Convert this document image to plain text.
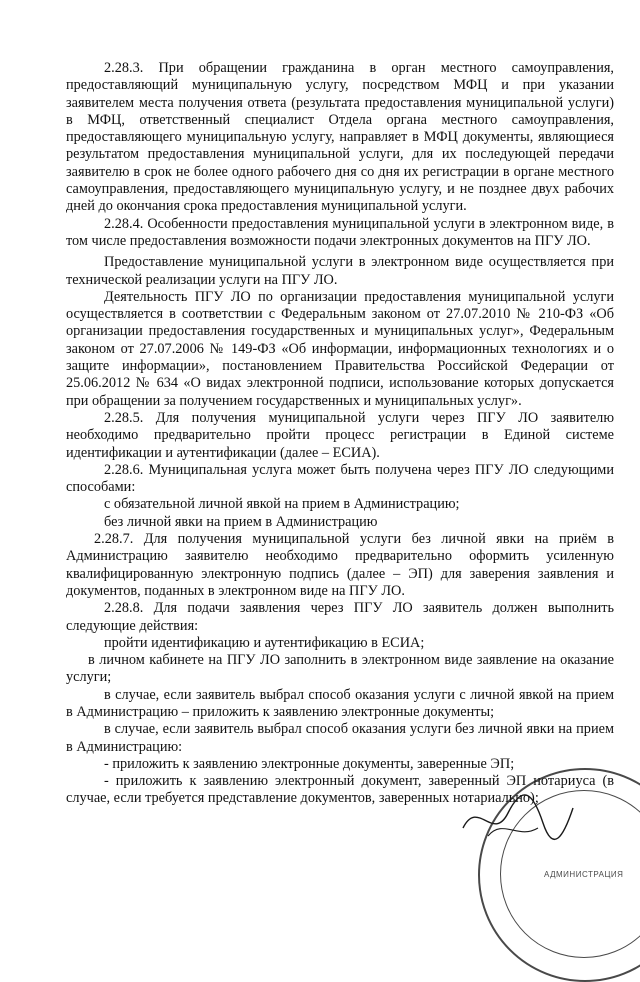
2.28.3. При обращении гражданина в орган местного самоуправления, предоставляющий муниципальную услугу, посредством МФЦ и при указании заявителем места получения ответа (результата предоставления муниципальной услуги) в МФЦ, ответственный специалист Отдела органа местного самоуправления, предоставляющего муниципальную услугу, направляет в МФЦ документы, являющиеся результатом предоставления муниципальной услуги, для их последующей передачи заявителю в срок не более одного рабочего дня со дня их регистрации в органе местного самоуправления, предоставляющего муниципальную услугу, и не позднее двух рабочих дней до окончания срока предоставления муниципальной услуги.

2.28.4. Особенности предоставления муниципальной услуги в электронном виде, в том числе предоставления возможности подачи электронных документов на ПГУ ЛО.

Предоставление муниципальной услуги в электронном виде осуществляется при технической реализации услуги на ПГУ ЛО.

Деятельность ПГУ ЛО по организации предоставления муниципальной услуги осуществляется в соответствии с Федеральным законом от 27.07.2010 № 210-ФЗ «Об организации предоставления государственных и муниципальных услуг», Федеральным законом от 27.07.2006 № 149-ФЗ «Об информации, информационных технологиях и о защите информации», постановлением Правительства Российской Федерации от 25.06.2012 № 634 «О видах электронной подписи, использование которых допускается при обращении за получением государственных и муниципальных услуг».

2.28.5. Для получения муниципальной услуги через ПГУ ЛО заявителю необходимо предварительно пройти процесс регистрации в Единой системе идентификации и аутентификации (далее – ЕСИА).

2.28.6. Муниципальная услуга может быть получена через ПГУ ЛО следующими способами:

с обязательной личной явкой на прием в Администрацию;

без личной явки на прием в Администрацию

2.28.7. Для получения муниципальной услуги без личной явки на приём в Администрацию заявителю необходимо предварительно оформить усиленную квалифицированную электронную подпись (далее – ЭП) для заверения заявления и документов, поданных в электронном виде на ПГУ ЛО.

2.28.8. Для подачи заявления через ПГУ ЛО заявитель должен выполнить следующие действия:

пройти идентификацию и аутентификацию в ЕСИА;

в личном кабинете на ПГУ ЛО заполнить в электронном виде заявление на оказание услуги;

в случае, если заявитель выбрал способ оказания услуги с личной явкой на прием в Администрацию – приложить к заявлению электронные документы;

в случае, если заявитель выбрал способ оказания услуги без личной явки на прием в Администрацию:

- приложить к заявлению электронные документы, заверенные ЭП;

- приложить к заявлению электронный документ, заверенный ЭП нотариуса (в случае, если требуется представление документов, заверенных нотариально);

АДМИНИСТРАЦИЯ
